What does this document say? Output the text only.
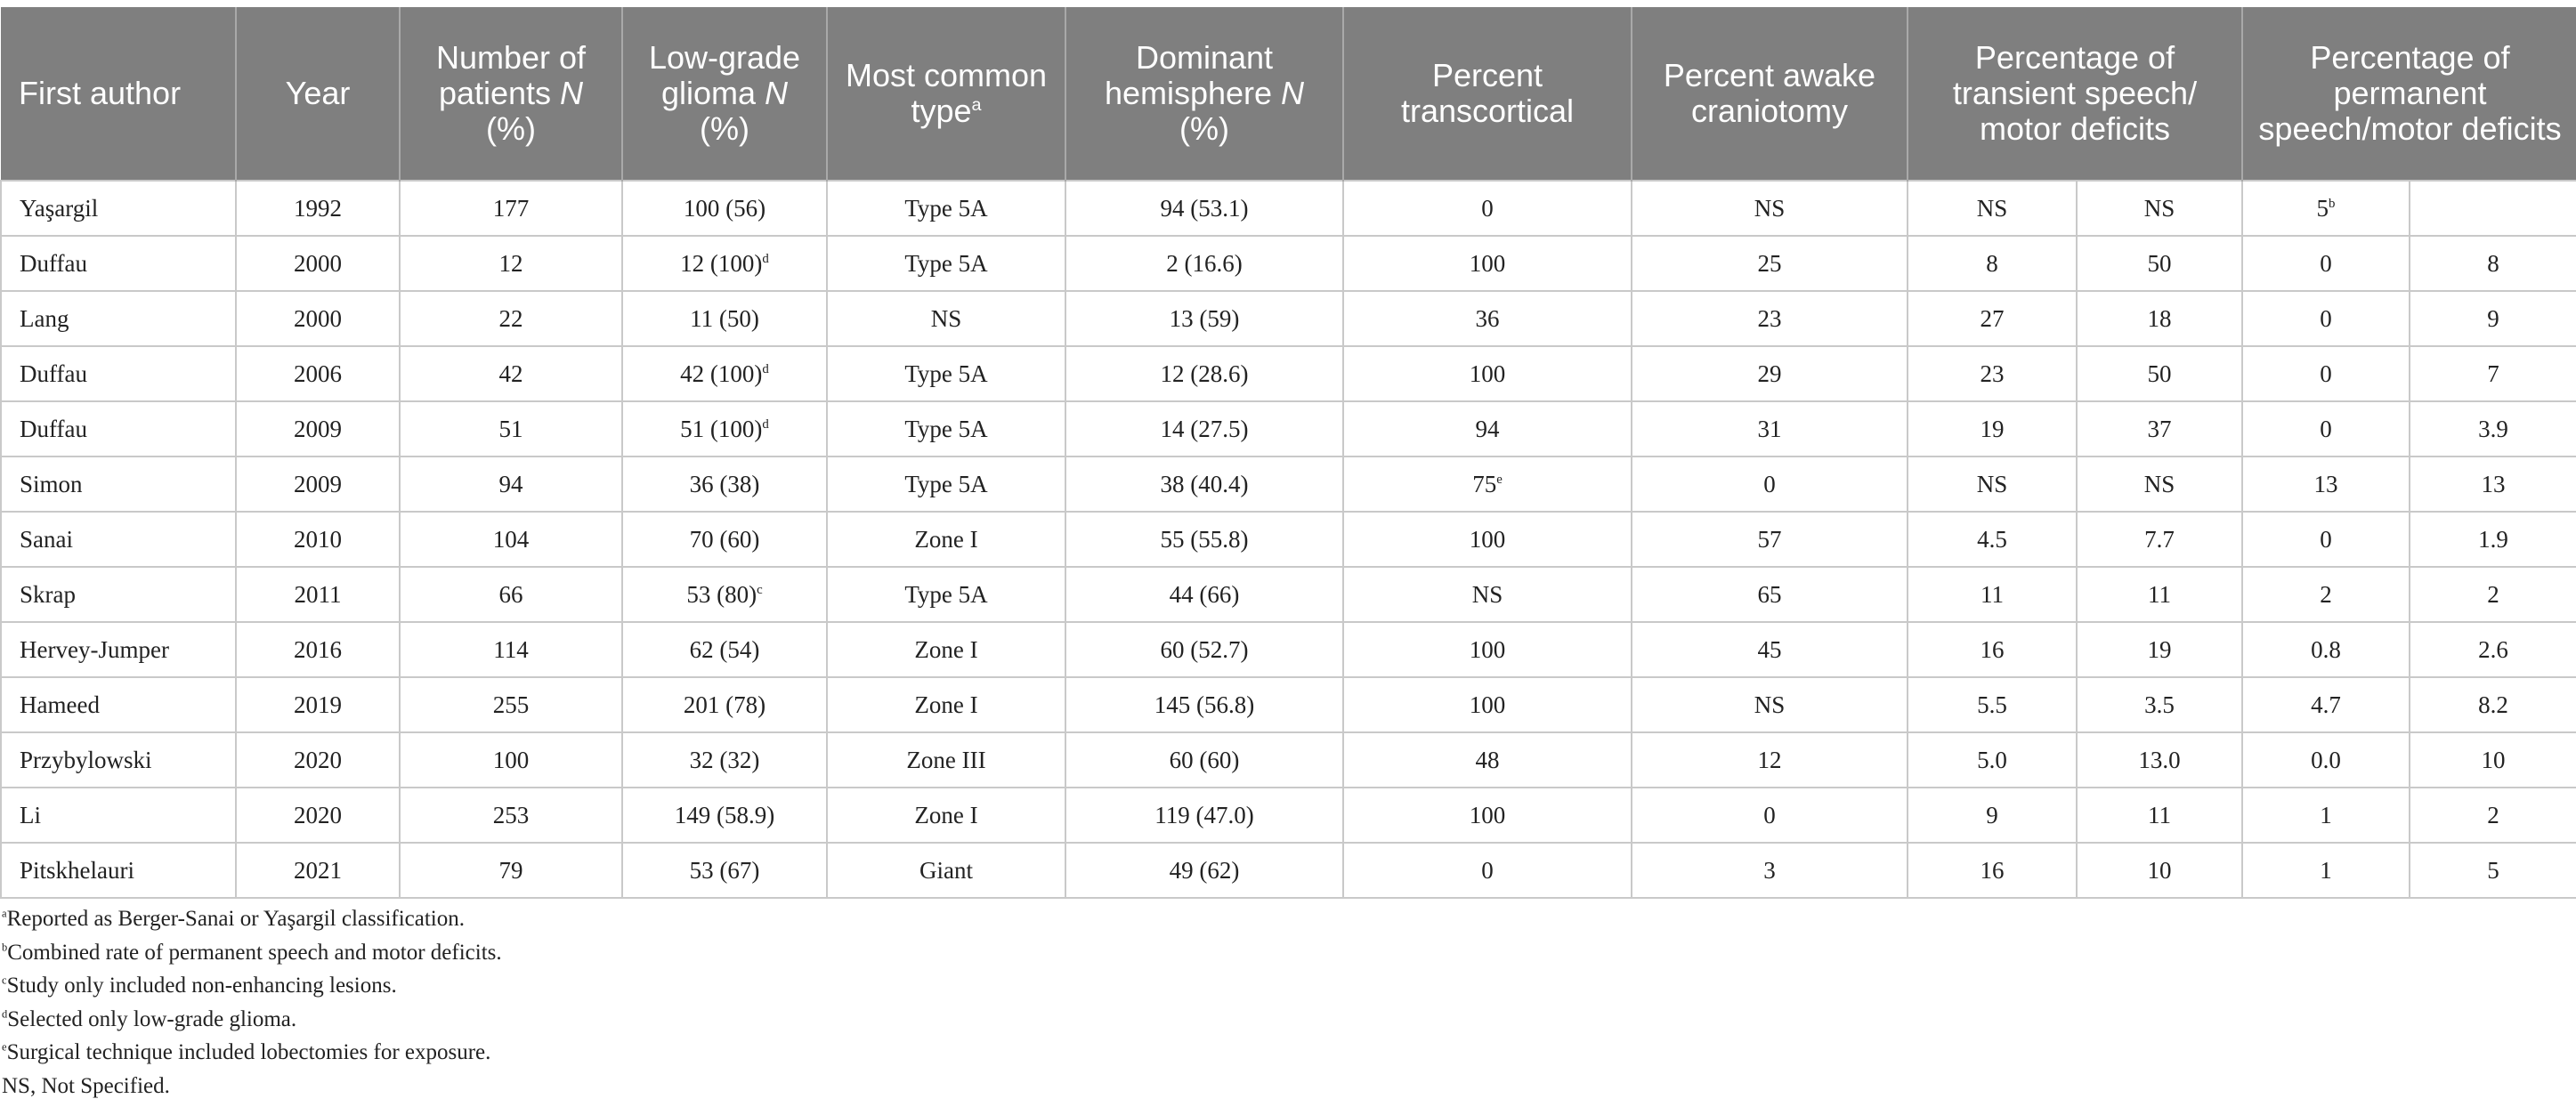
First author	Year	Number of patients N (%)	Low-grade glioma N (%)	Most common type$^a$	Dominant hemisphere N (%)	Percent transcortical	Percent awake craniotomy	Percentage of transient speech/ motor deficits		Percentage of permanent speech/motor deficits	
Yaşargil	1992	177	100 (56)	Type 5A	94 (53.1)	0	NS	NS	NS	5$^b$	
Duffau	2000	12	12 $(100)^d$	Type 5A	2 (16.6)	100	25	8	50	0	8
Lang	2000	22	11 (50)	NS	13 (59)	36	23	27	18	0	9
Duffau	2006	42	42 $(100)^d$	Type 5A	12 (28.6)	100	29	23	50	0	7
Duffau	2009	51	51 $(100)^d$	Type 5A	14 (27.5)	94	31	19	37	0	3.9
Simon	2009	94	36 (38)	Type 5A	38 (40.4)	75e	0	NS	NS	13	13
Sanai	2010	104	70 (60)	Zone I	55 (55.8)	100	57	4.5	7.7	0	1.9
Skrap	2011	66	53 $(80)^c$	Type 5A	44 (66)	NS	65	11	11	2	2
Hervey-Jumper	2016	114	62 (54)	Zone I	60 (52.7)	100	45	16	19	0.8	2.6
Hameed	2019	255	201 (78)	Zone I	145 (56.8)	100	NS	5.5	3.5	4.7	8.2
Przybylowski	2020	100	32 (32)	Zone III	60 (60)	48	12	5.0	13.0	0.0	10
Li	2020	253	149 (58.9)	Zone I	119 (47.0)	100	0	9	11	1	2
Pitskhelauri	2021	79	53 (67)	Giant	49 (62)	0	3	16	10	1	5
$^a$Reported as Berger-Sanai or Yaşargil classification.
$^b$Combined rate of permanent speech and motor deficits.
$^c$Study only included non-enhancing lesions.
$^d$Selected only low-grade glioma.
$^e$Surgical technique included lobectomies for exposure.
NS, Not Specified.
